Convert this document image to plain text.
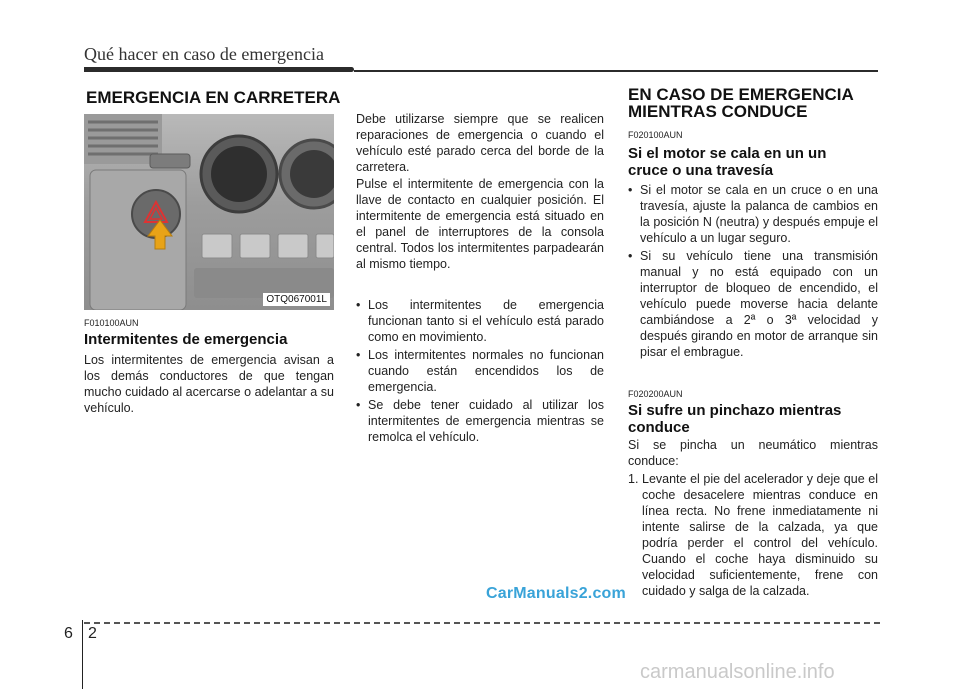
Qué hacer en caso de emergencia
EMERGENCIA EN CARRETERA
OTQ067001L
F010100AUN
Intermitentes de emergencia
Los intermitentes de emergencia avisan a los demás conductores de que tengan mucho cuidado al acercarse o adelantar a su vehículo.
Debe utilizarse siempre que se realicen reparaciones de emergencia o cuando el vehículo esté parado cerca del borde de la carretera.
Pulse el intermitente de emergencia con la llave de contacto en cualquier posición. El intermitente de emergencia está situado en el panel de interruptores de la consola central. Todos los intermitentes parpadearán al mismo tiempo.
• Los intermitentes de emergencia funcionan tanto si el vehículo está parado como en movimiento.
• Los intermitentes normales no funcionan cuando están encendidos los de emergencia.
• Se debe tener cuidado al utilizar los intermitentes de emergencia mientras se remolca el vehículo.
EN CASO DE EMERGENCIA MIENTRAS CONDUCE
F020100AUN
Si el motor se cala en un un cruce o una travesía
• Si el motor se cala en un cruce o en una travesía, ajuste la palanca de cambios en la posición N (neutra) y después empuje el vehículo a un lugar seguro.
• Si su vehículo tiene una transmisión manual y no está equipado con un interruptor de bloqueo de encendido, el vehículo puede moverse hacia delante cambiándose a 2ª o 3ª velocidad y después girando en motor de arranque sin pisar el embrague.
F020200AUN
Si sufre un pinchazo mientras conduce
Si se pincha un neumático mientras conduce:
1. Levante el pie del acelerador y deje que el coche desacelere mientras conduce en línea recta. No frene inmediatamente ni intente salirse de la calzada, ya que podría perder el control del vehículo. Cuando el coche haya disminuido su velocidad suficientemente, frene con cuidado y salga de la calzada.
CarManuals2.com
6 2
carmanualsonline.info
